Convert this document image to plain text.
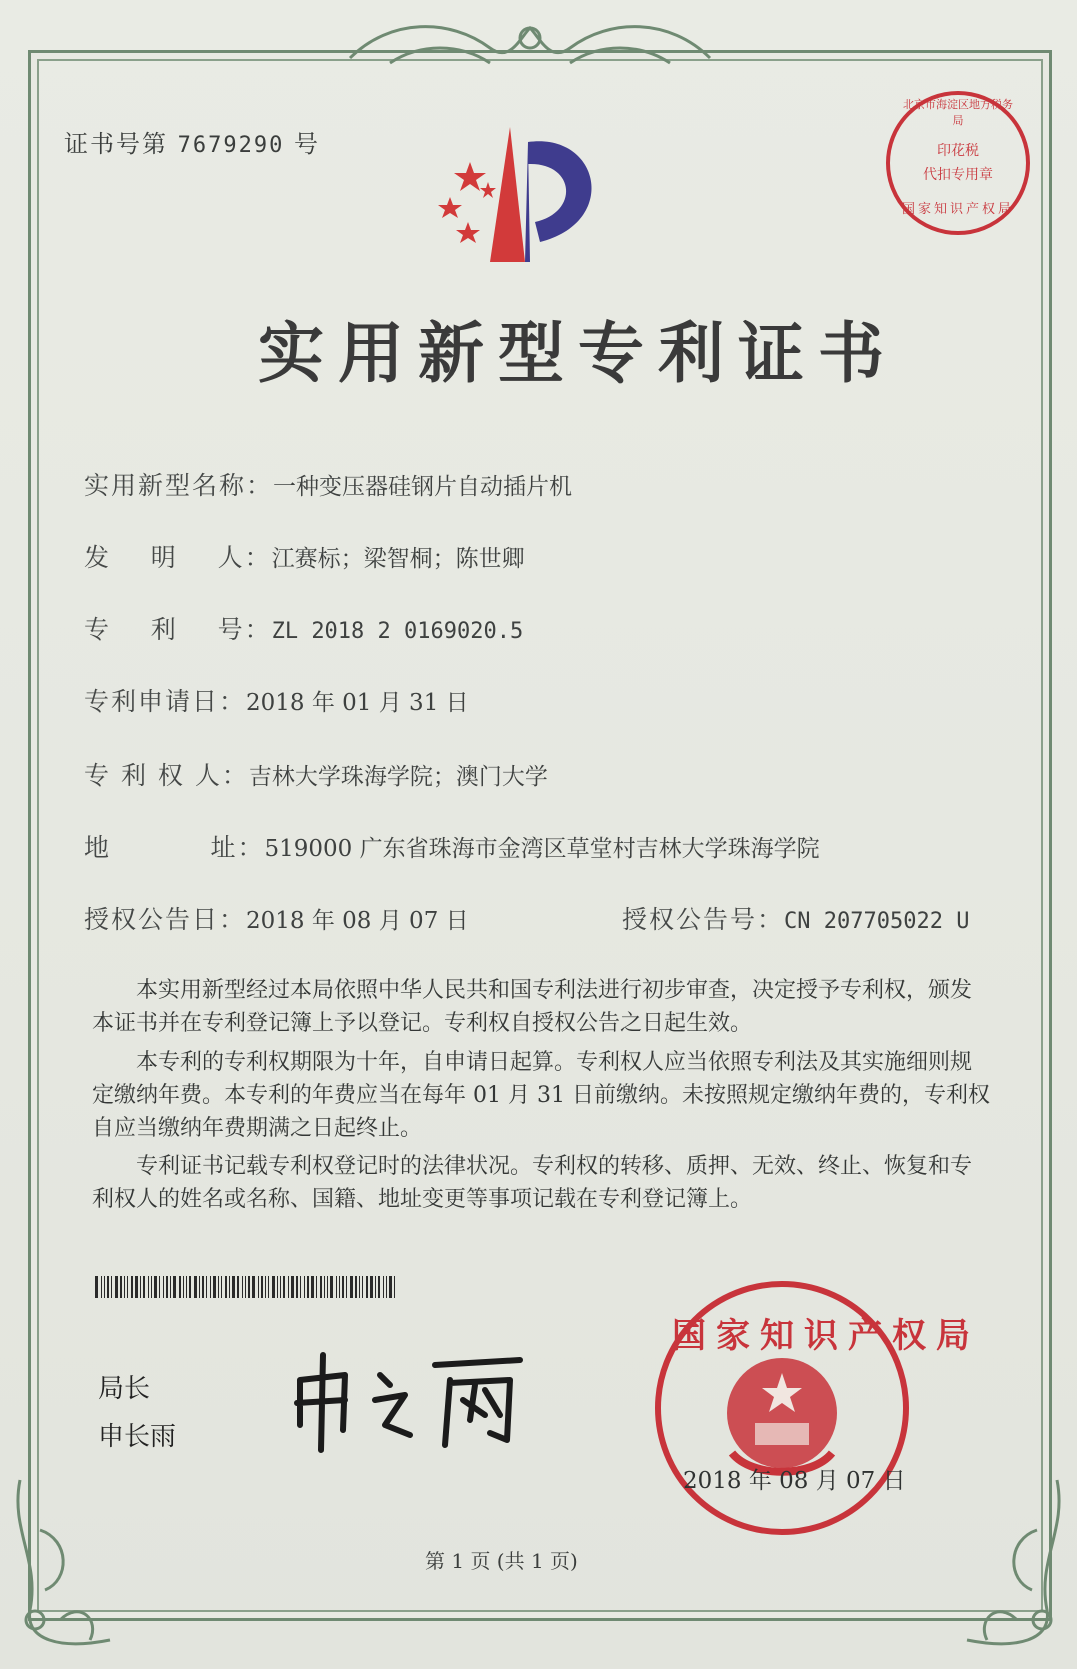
证书号第 7679290 号
北京市海淀区地方税务局
印花税
代扣专用章
国家知识产权局
实用新型专利证书
实用新型名称：一种变压器硅钢片自动插片机
发    明    人：江赛标；梁智桐；陈世卿
专    利    号：ZL 2018 2 0169020.5
专利申请日：2018 年 01 月 31 日
专 利 权 人：吉林大学珠海学院；澳门大学
地          址：519000 广东省珠海市金湾区草堂村吉林大学珠海学院
授权公告日：2018 年 08 月 07 日	授权公告号：CN 207705022 U
本实用新型经过本局依照中华人民共和国专利法进行初步审查，决定授予专利权，颁发本证书并在专利登记簿上予以登记。专利权自授权公告之日起生效。
本专利的专利权期限为十年，自申请日起算。专利权人应当依照专利法及其实施细则规定缴纳年费。本专利的年费应当在每年 01 月 31 日前缴纳。未按照规定缴纳年费的，专利权自应当缴纳年费期满之日起终止。
专利证书记载专利权登记时的法律状况。专利权的转移、质押、无效、终止、恢复和专利权人的姓名或名称、国籍、地址变更等事项记载在专利登记簿上。
局长
申长雨
国家知识产权局
2018 年 08 月 07 日
第 1 页 (共 1 页)
